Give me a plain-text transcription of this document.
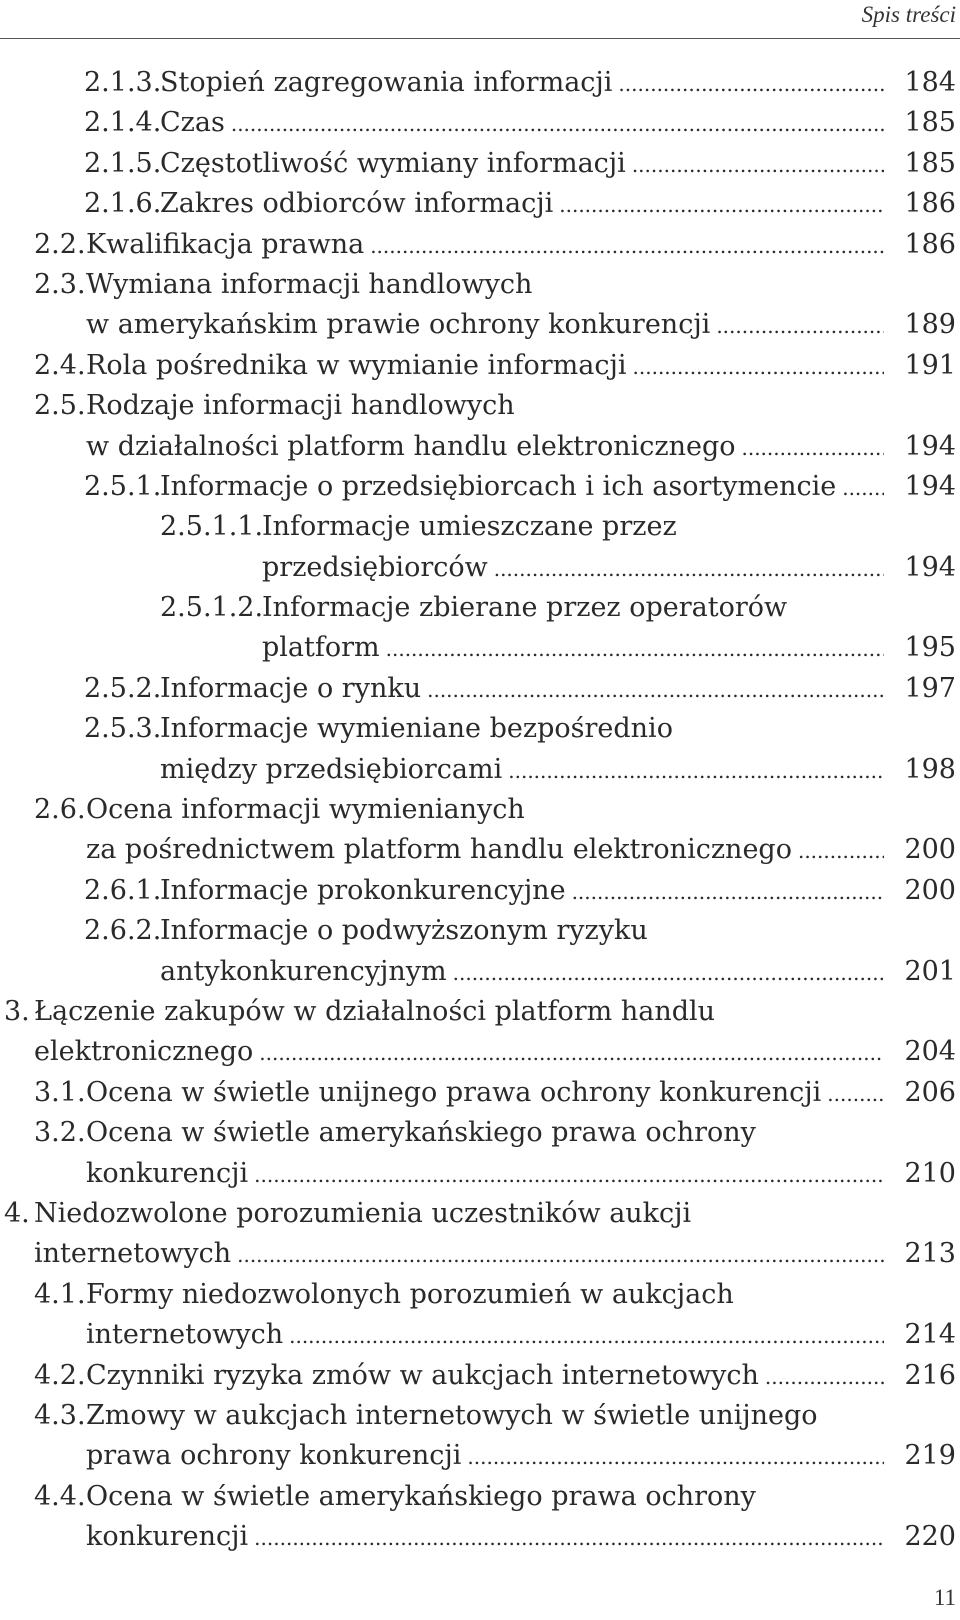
Spis treści
2.1.3.
Stopień zagregowania informacji .....	184
2.1.4.
Czas .....	185
2.1.5.
Częstotliwość wymiany informacji .....	185
2.1.6.
Zakres odbiorców informacji .....	186
2.2. Kwalifikacja prawna .....	186
2.3. Wymiana informacji handlowych
w amerykańskim prawie ochrony konkurencji .....	189
2.4. Rola pośrednika w wymianie informacji .....	191
2.5. Rodzaje informacji handlowych
w działalności platform handlu elektronicznego .....	194
2.5.1.
Informacje o przedsiębiorcach i ich asortymencie .....	194
2.5.1.1.
Informacje umieszczane przez
przedsiębiorców .....	194
2.5.1.2.
Informacje zbierane przez operatorów
platform .....	195
2.5.2.
Informacje o rynku .....	197
2.5.3.
Informacje wymieniane bezpośrednio
między przedsiębiorcami .....	198
2.6. Ocena informacji wymienianych
za pośrednictwem platform handlu elektronicznego .....	200
2.6.1.
Informacje prokonkurencyjne .....	200
2.6.2.
Informacje o podwyższonym ryzyku
antykonkurencyjnym .....	201
3. Łączenie zakupów w działalności platform handlu
elektronicznego .....	204
3.1. Ocena w świetle unijnego prawa ochrony konkurencji .....	206
3.2. Ocena w świetle amerykańskiego prawa ochrony
konkurencji .....	210
4. Niedozwolone porozumienia uczestników aukcji
internetowych .....	213
4.1. Formy niedozwolonych porozumień w aukcjach
internetowych .....	214
4.2. Czynniki ryzyka zmów w aukcjach internetowych .....	216
4.3. Zmowy w aukcjach internetowych w świetle unijnego
prawa ochrony konkurencji .....	219
4.4. Ocena w świetle amerykańskiego prawa ochrony
konkurencji .....	220
11
